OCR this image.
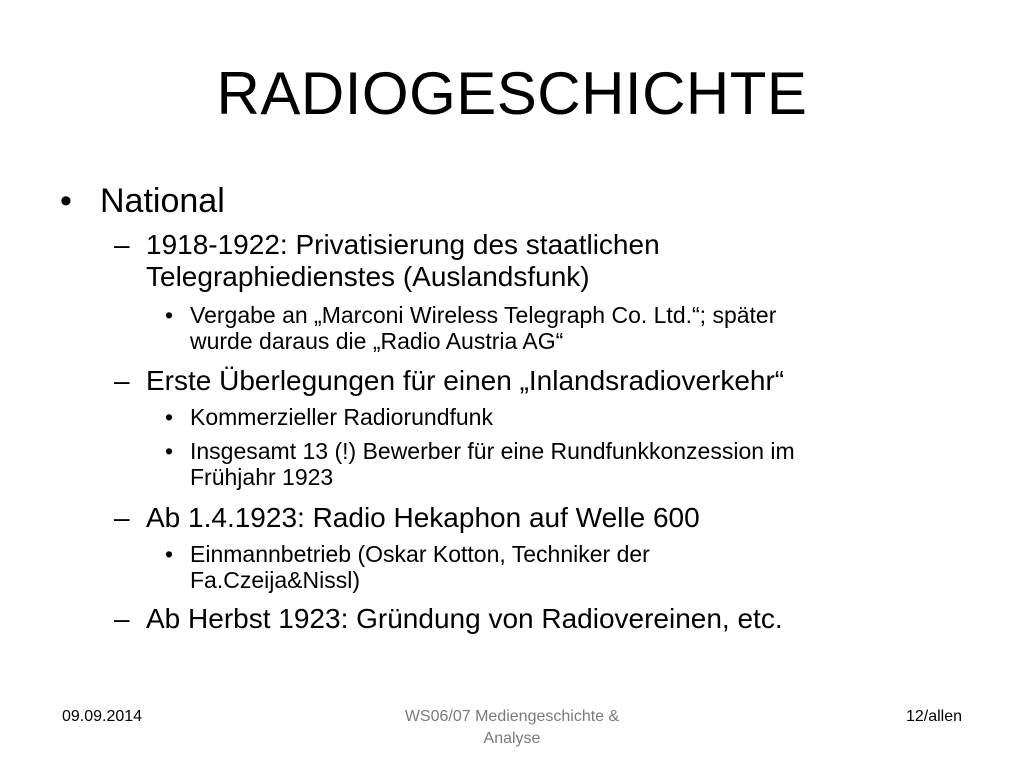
RADIOGESCHICHTE
• National
– 1918-1922: Privatisierung des staatlichen
Telegraphiedienstes (Auslandsfunk)
• Vergabe an „Marconi Wireless Telegraph Co. Ltd.“; später
wurde daraus die „Radio Austria AG“
– Erste Überlegungen für einen „Inlandsradioverkehr“
• Kommerzieller Radiorundfunk
• Insgesamt 13 (!) Bewerber für eine Rundfunkkonzession im
Frühjahr 1923
– Ab 1.4.1923: Radio Hekaphon auf Welle 600
• Einmannbetrieb (Oskar Kotton, Techniker der
Fa.Czeija&Nissl)
– Ab Herbst 1923: Gründung von Radiovereinen, etc.
09.09.2014	WS06/07 Mediengeschichte &
Analyse
12/allen
